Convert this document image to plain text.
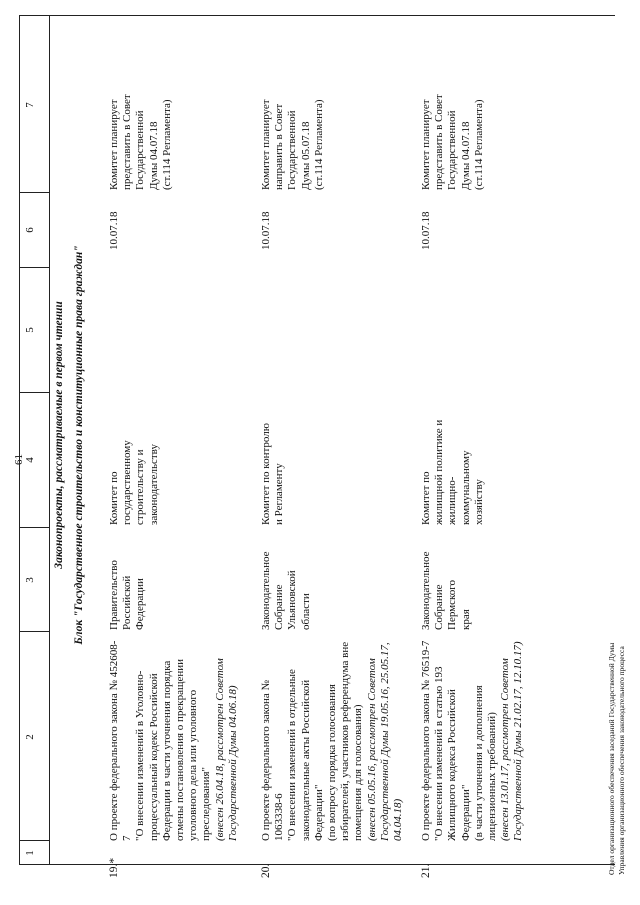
61
1
2
3
4
5
6
7
Законопроекты, рассматриваемые в первом чтении Блок "Государственное строительство и конституционные права граждан"
19.*
О проекте федерального закона № 452608-7 "О внесении изменений в Уголовно- процессуальный кодекс Российской Федерации в части уточнения порядка отмены постановления о прекращении уголовного дела или уголовного преследования" (внесен 26.04.18, рассмотрен Советом Государственной Думы 04.06.18)
Правительство Российской Федерации
Комитет по государственному строительству и законодательству
10.07.18
Комитет планирует представить в Совет Государственной Думы 04.07.18 (ст.114 Регламента)
20.
О проекте федерального закона № 1063338-6 "О внесении изменений в отдельные законодательные акты Российской Федерации" (по вопросу порядка голосования избирателей, участников референдума вне помещения для голосования) (внесен 05.05.16, рассмотрен Советом Государственной Думы 19.05.16, 25.05.17, 04.04.18)
Законодательное Собрание Ульяновской области
Комитет по контролю и Регламенту
10.07.18
Комитет планирует направить в Совет Государственной Думы 05.07.18 (ст.114 Регламента)
21.
О проекте федерального закона № 76519-7 "О внесении изменений в статью 193 Жилищного кодекса Российской Федерации" (в части уточнения и дополнения лицензионных требований) (внесен 13.01.17, рассмотрен Советом Государственной Думы 21.02.17, 12.10.17)
Законодательное Собрание Пермского края
Комитет по жилищной политике и жилищно- коммунальному хозяйству
10.07.18
Комитет планирует представить в Совет Государственной Думы 04.07.18 (ст.114 Регламента)
Отдел организационного обеспечения заседаний Государственной Думы Управления организационного обеспечения законодательного процесса
